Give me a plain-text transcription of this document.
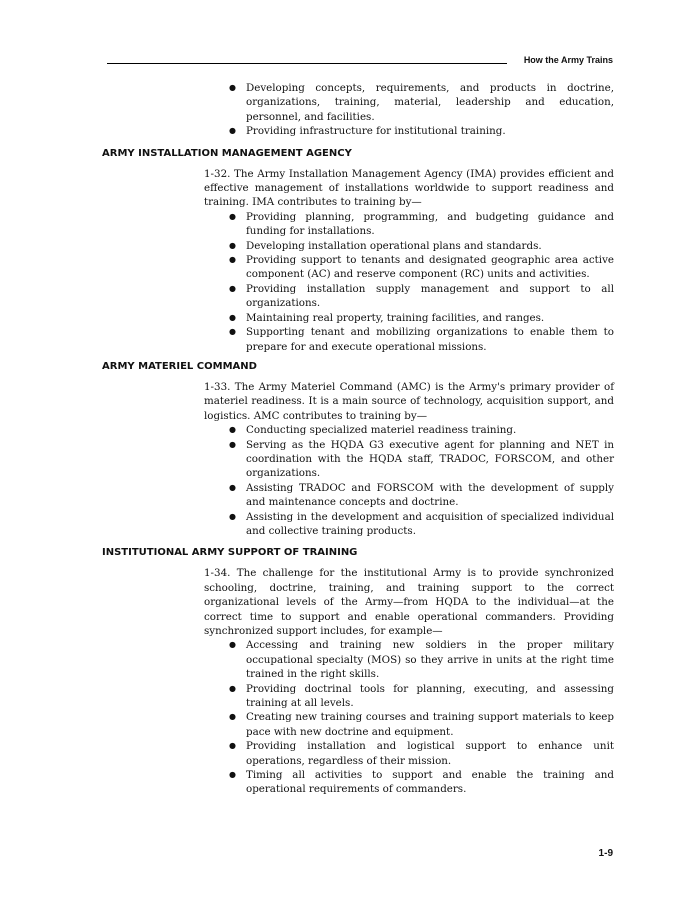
How the Army Trains
● Developing concepts, requirements, and products in doctrine, organizations, training, material, leadership and education, personnel, and facilities.
● Providing infrastructure for institutional training.
ARMY INSTALLATION MANAGEMENT AGENCY

1-32. The Army Installation Management Agency (IMA) provides efficient and effective management of installations worldwide to support readiness and training. IMA contributes to training by—

● Providing planning, programming, and budgeting guidance and funding for installations.
● Developing installation operational plans and standards.
● Providing support to tenants and designated geographic area active component (AC) and reserve component (RC) units and activities.
● Providing installation supply management and support to all organizations.
● Maintaining real property, training facilities, and ranges.
● Supporting tenant and mobilizing organizations to enable them to prepare for and execute operational missions.
ARMY MATERIEL COMMAND

1-33. The Army Materiel Command (AMC) is the Army's primary provider of materiel readiness. It is a main source of technology, acquisition support, and logistics. AMC contributes to training by—

● Conducting specialized materiel readiness training.
● Serving as the HQDA G3 executive agent for planning and NET in coordination with the HQDA staff, TRADOC, FORSCOM, and other organizations.
● Assisting TRADOC and FORSCOM with the development of supply and maintenance concepts and doctrine.
● Assisting in the development and acquisition of specialized individual and collective training products.
INSTITUTIONAL ARMY SUPPORT OF TRAINING

1-34. The challenge for the institutional Army is to provide synchronized schooling, doctrine, training, and training support to the correct organizational levels of the Army—from HQDA to the individual—at the correct time to support and enable operational commanders. Providing synchronized support includes, for example—

● Accessing and training new soldiers in the proper military occupational specialty (MOS) so they arrive in units at the right time trained in the right skills.
● Providing doctrinal tools for planning, executing, and assessing training at all levels.
● Creating new training courses and training support materials to keep pace with new doctrine and equipment.
● Providing installation and logistical support to enhance unit operations, regardless of their mission.
● Timing all activities to support and enable the training and operational requirements of commanders.
1-9
